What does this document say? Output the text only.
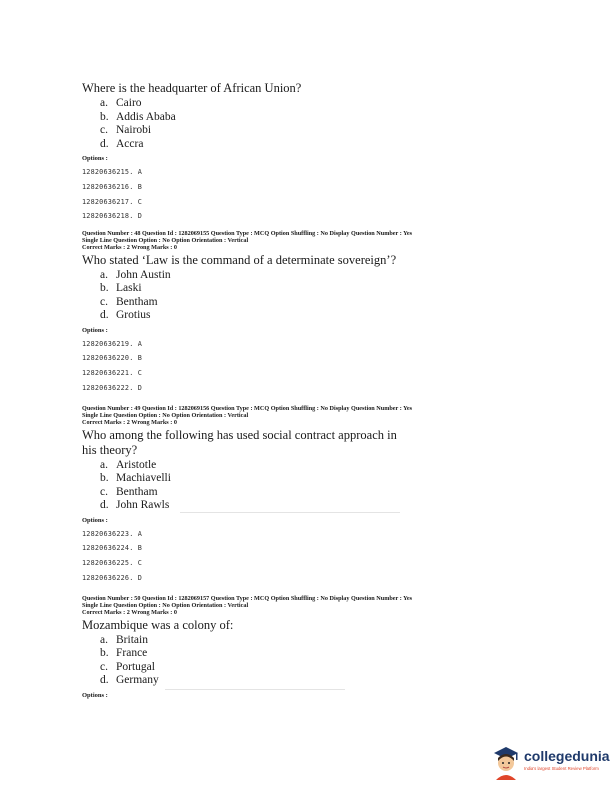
Where is the headquarter of African Union?
a. Cairo
b. Addis Ababa
c. Nairobi
d. Accra
Options :
12820636215. A
12820636216. B
12820636217. C
12820636218. D
Question Number : 48 Question Id : 1282069155 Question Type : MCQ Option Shuffling : No Display Question Number : Yes
Single Line Question Option : No Option Orientation : Vertical
Correct Marks : 2 Wrong Marks : 0
Who stated ‘Law is the command of a determinate sovereign’?
a. John Austin
b. Laski
c. Bentham
d. Grotius
Options :
12820636219. A
12820636220. B
12820636221. C
12820636222. D
Question Number : 49 Question Id : 1282069156 Question Type : MCQ Option Shuffling : No Display Question Number : Yes
Single Line Question Option : No Option Orientation : Vertical
Correct Marks : 2 Wrong Marks : 0
Who among the following has used social contract approach in his theory?
a. Aristotle
b. Machiavelli
c. Bentham
d. John Rawls
Options :
12820636223. A
12820636224. B
12820636225. C
12820636226. D
Question Number : 50 Question Id : 1282069157 Question Type : MCQ Option Shuffling : No Display Question Number : Yes
Single Line Question Option : No Option Orientation : Vertical
Correct Marks : 2 Wrong Marks : 0
Mozambique was a colony of:
a. Britain
b. France
c. Portugal
d. Germany
Options :
collegedunia
India's largest Student Review Platform
